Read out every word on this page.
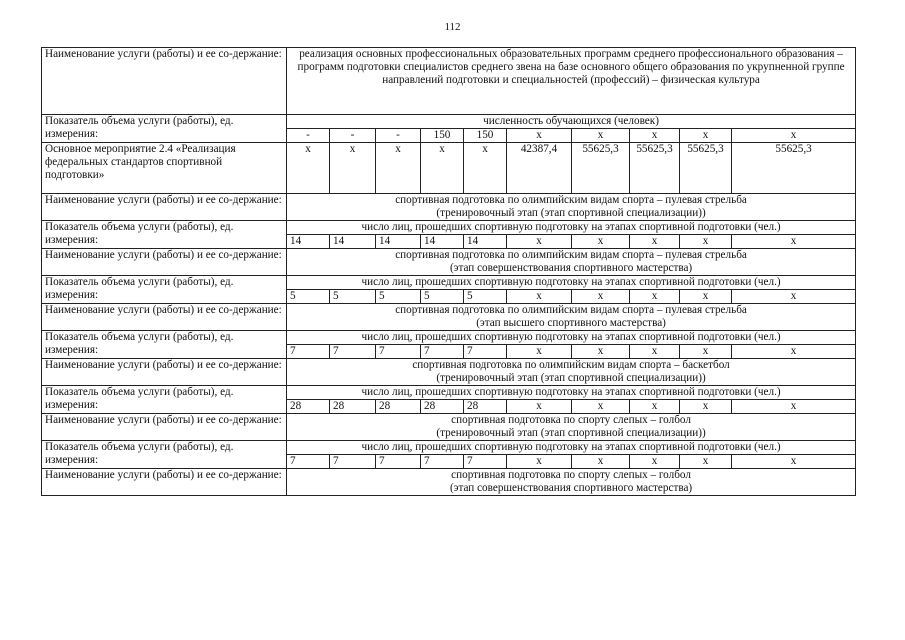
112
Наименование услуги (работы) и ее со-держание:	реализация основных профессиональных образовательных программ среднего профессионального образования –
программ подготовки специалистов среднего звена на базе основного общего образования по укрупненной группе направлений подготовки и специальностей (профессий) – физическая культура									

Показатель объема услуги (работы), ед. измерения:	численность обучающихся (человек)									
	-	-	-	150	150	x	x	x	x	x
Основное мероприятие 2.4 «Реализация федеральных стандартов спортивной подготовки»	x	x	x	x	x	42387,4	55625,3	55625,3	55625,3	55625,3
Наименование услуги (работы) и ее со-держание:	спортивная подготовка по олимпийским видам спорта – пулевая стрельба
(тренировочный этап (этап спортивной специализации))									

Показатель объема услуги (работы), ед. измерения:	число лиц, прошедших спортивную подготовку на этапах спортивной подготовки (чел.)									
	14	14	14	14	14	x	x	x	x	x
Наименование услуги (работы) и ее со-держание:	спортивная подготовка по олимпийским видам спорта – пулевая стрельба
(этап совершенствования спортивного мастерства)									

Показатель объема услуги (работы), ед. измерения:	число лиц, прошедших спортивную подготовку на этапах спортивной подготовки (чел.)									
	5	5	5	5	5	x	x	x	x	x
Наименование услуги (работы) и ее со-держание:	спортивная подготовка по олимпийским видам спорта – пулевая стрельба
(этап высшего спортивного мастерства)									

Показатель объема услуги (работы), ед. измерения:	число лиц, прошедших спортивную подготовку на этапах спортивной подготовки (чел.)									
	7	7	7	7	7	x	x	x	x	x
Наименование услуги (работы) и ее со-держание:	спортивная подготовка по олимпийским видам спорта – баскетбол
(тренировочный этап (этап спортивной специализации))									

Показатель объема услуги (работы), ед. измерения:	число лиц, прошедших спортивную подготовку на этапах спортивной подготовки (чел.)									
	28	28	28	28	28	x	x	x	x	x
Наименование услуги (работы) и ее со-держание:	спортивная подготовка по спорту слепых – голбол
(тренировочный этап (этап спортивной специализации))									

Показатель объема услуги (работы), ед. измерения:	число лиц, прошедших спортивную подготовку на этапах спортивной подготовки (чел.)									
	7	7	7	7	7	x	x	x	x	x
Наименование услуги (работы) и ее со-держание:	спортивная подготовка по спорту слепых – голбол
(этап совершенствования спортивного мастерства)									
